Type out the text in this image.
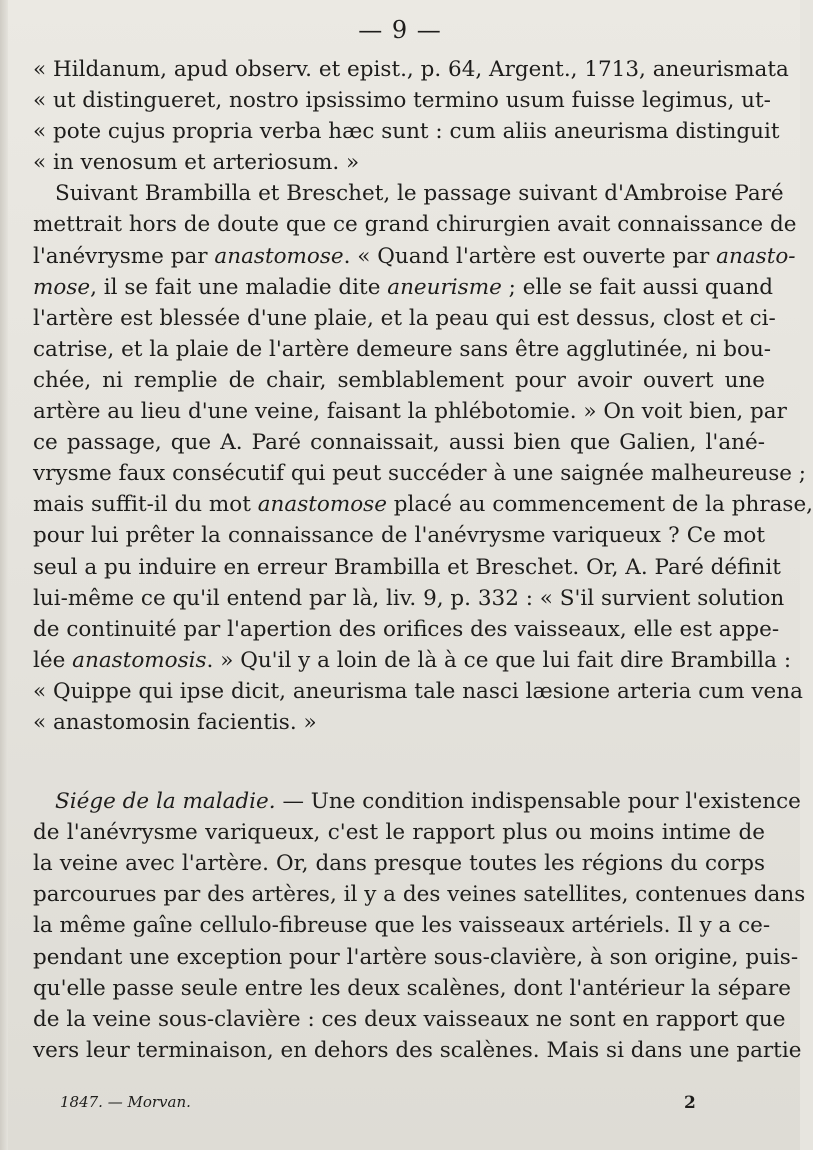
— 9 —
« Hildanum, apud observ. et epist., p. 64, Argent., 1713, aneurismata
« ut distingueret, nostro ipsissimo termino usum fuisse legimus, ut-
« pote cujus propria verba hæc sunt : cum aliis aneurisma distinguit
« in venosum et arteriosum. »
Suivant Brambilla et Breschet, le passage suivant d'Ambroise Paré
mettrait hors de doute que ce grand chirurgien avait connaissance de
l'anévrysme par anastomose. « Quand l'artère est ouverte par anasto-
mose, il se fait une maladie dite aneurisme ; elle se fait aussi quand
l'artère est blessée d'une plaie, et la peau qui est dessus, clost et ci-
catrise, et la plaie de l'artère demeure sans être agglutinée, ni bou-
chée, ni remplie de chair, semblablement pour avoir ouvert une
artère au lieu d'une veine, faisant la phlébotomie. » On voit bien, par
ce passage, que A. Paré connaissait, aussi bien que Galien, l'ané-
vrysme faux consécutif qui peut succéder à une saignée malheureuse ;
mais suffit-il du mot anastomose placé au commencement de la phrase,
pour lui prêter la connaissance de l'anévrysme variqueux ? Ce mot
seul a pu induire en erreur Brambilla et Breschet. Or, A. Paré définit
lui-même ce qu'il entend par là, liv. 9, p. 332 : « S'il survient solution
de continuité par l'apertion des orifices des vaisseaux, elle est appe-
lée anastomosis. » Qu'il y a loin de là à ce que lui fait dire Brambilla :
« Quippe qui ipse dicit, aneurisma tale nasci læsione arteria cum vena
« anastomosin facientis. »
Siége de la maladie. — Une condition indispensable pour l'existence
de l'anévrysme variqueux, c'est le rapport plus ou moins intime de
la veine avec l'artère. Or, dans presque toutes les régions du corps
parcourues par des artères, il y a des veines satellites, contenues dans
la même gaîne cellulo-fibreuse que les vaisseaux artériels. Il y a ce-
pendant une exception pour l'artère sous-clavière, à son origine, puis-
qu'elle passe seule entre les deux scalènes, dont l'antérieur la sépare
de la veine sous-clavière : ces deux vaisseaux ne sont en rapport que
vers leur terminaison, en dehors des scalènes. Mais si dans une partie
1847. — Morvan.	2
